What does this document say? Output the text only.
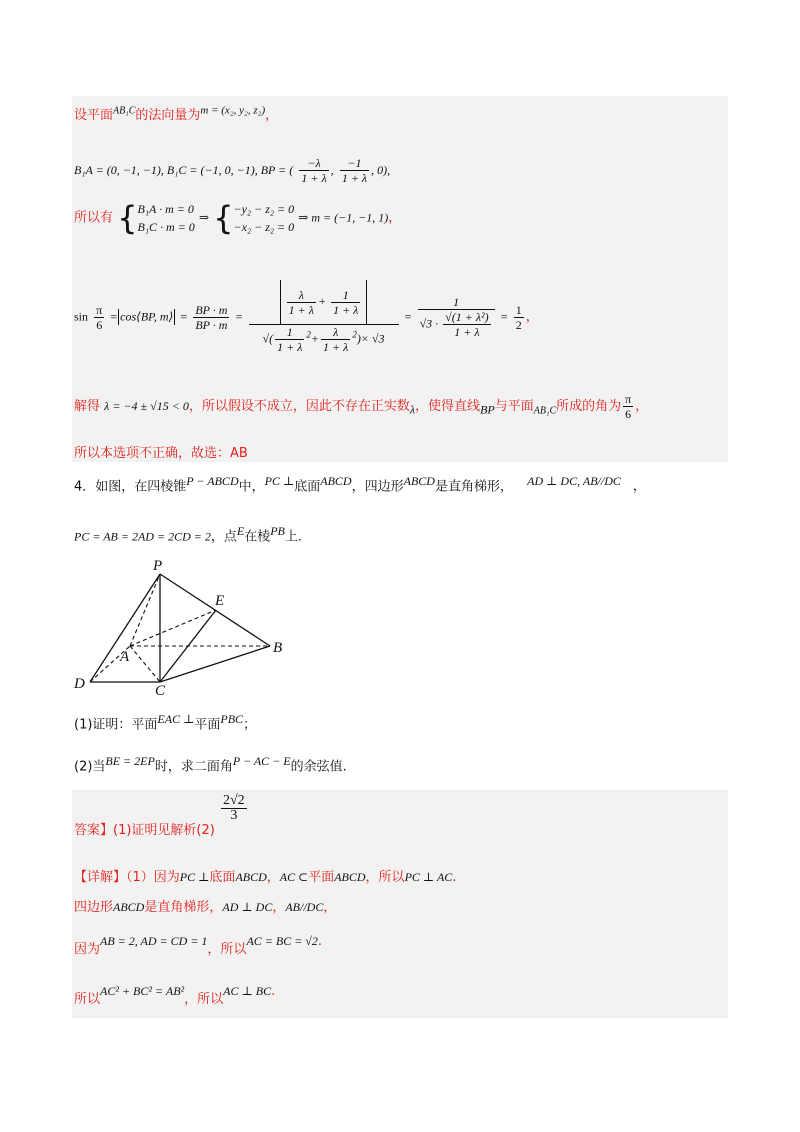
设平面$^{AB_1C}$的法向量为$^{m = (x_2, y_2, z_2)}$，
B₁A = (0, −1, −1), B₁C = (−1, 0, −1), BP = ( $\frac{-\lambda}{1 + \lambda}$ , $\frac{-1}{1 + \lambda}$ , 0),
所以有 { B₁A · m = 0
B₁C · m = 0
⇒ { −y₂ − z₂ = 0
−x₂ − z₂ = 0
⇒ m = (−1, −1, 1)，
$\sin \frac{\pi}{6}$ = cos⟨BP, m⟩ = $\frac{BP \cdot m}{BP \cdot m}$ =
$\frac{\frac{\lambda}{1 + \lambda} + \frac{1}{1 + \lambda}}{√( \frac{1}{1 + \lambda} ^2+ \frac{\lambda}{1 + \lambda} ^2)\times √3} = \frac{1}{√3 \cdot \frac{\text{√(1 + λ²)}}{1 + \lambda}} = \frac{1}{2}$ ，
解得 λ = −4 ± √15 < 0，所以假设不成立，因此不存在正实数$_\lambda$，使得直线$_{BP}$与平面$_{AB_1C}$所成的角为 $\frac{\pi}{6}$ ，
所以本选项不正确，故选：AB
4．如图，在四棱锥$^{P - ABCD}$中，$^{PC \perp}$底面$^{ABCD}$，四边形$^{ABCD}$是直角梯形， $^{AD \perp DC, AB//DC}$ ，
PC = AB = 2AD = 2CD = 2，点$^E$在棱$^{PB}$上.
P
E
A
B
D	C
(1)证明：平面$^{EAC \perp}$平面$^{PBC}$；
(2)当$^{BE = 2EP}$时，求二面角$^{P - AC - E}$的余弦值.
答案】(1)证明见解析(2)
$\frac{2√2}{3}$
【详解】（1）因为PC ⊥底面ABCD，AC ⊂平面ABCD，所以PC ⊥ AC.
四边形ABCD是直角梯形，AD ⊥ DC，AB//DC，
因为AB = 2, AD = CD = 1，所以AC = BC = √2.
所以AC² + BC² = AB²，所以AC ⊥ BC.
